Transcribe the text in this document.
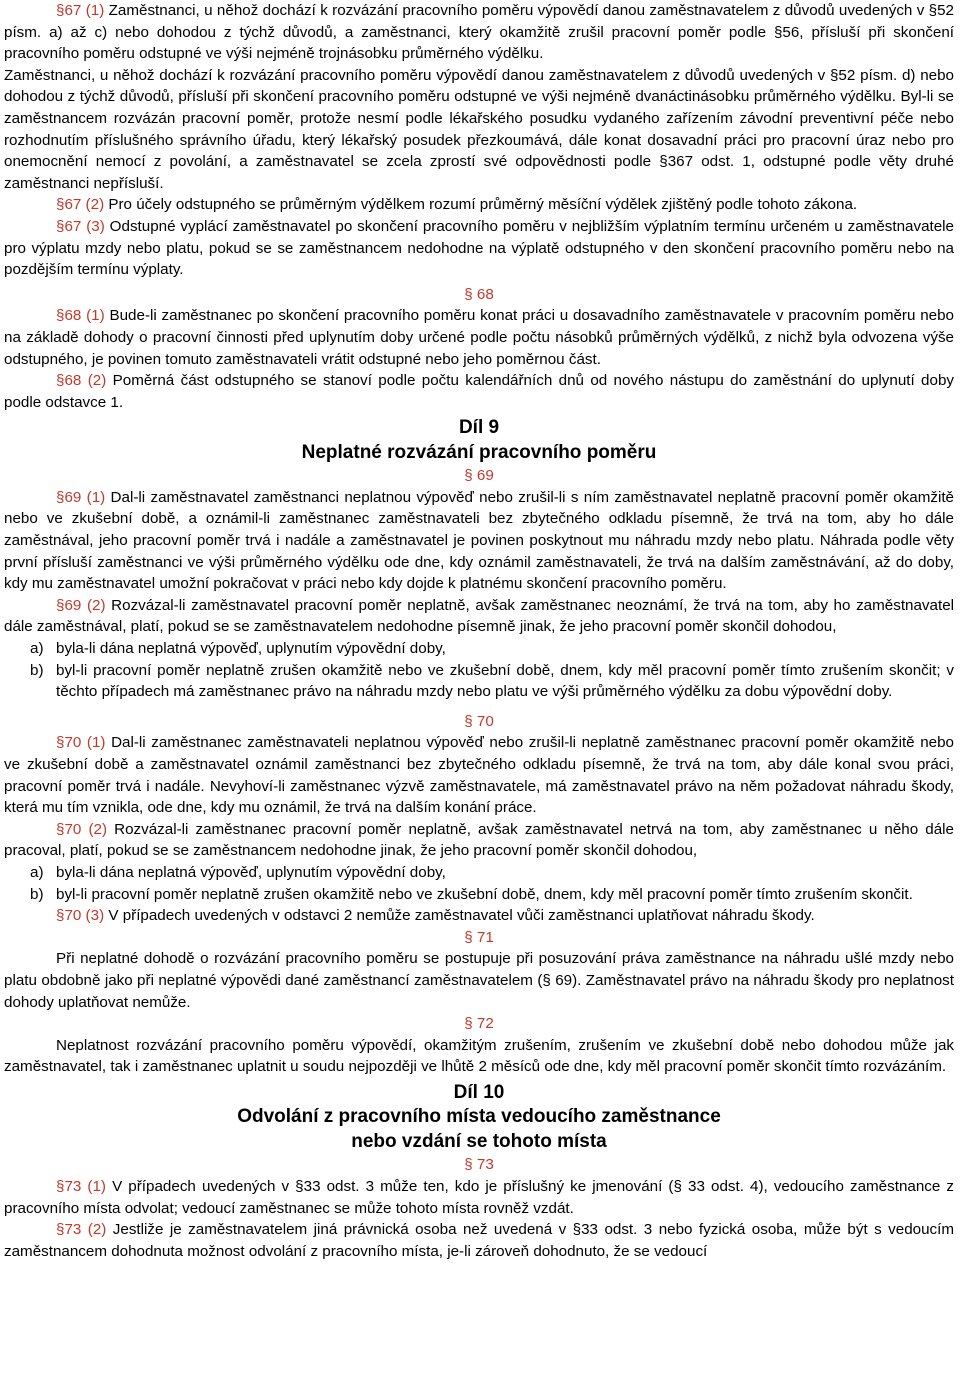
§67 (1) Zaměstnanci, u něhož dochází k rozvázání pracovního poměru výpovědí danou zaměstnavatelem z důvodů uvedených v §52 písm. a) až c) nebo dohodou z týchž důvodů, a zaměstnanci, který okamžitě zrušil pracovní poměr podle §56, přísluší při skončení pracovního poměru odstupné ve výši nejméně trojnásobku průměrného výdělku.

Zaměstnanci, u něhož dochází k rozvázání pracovního poměru výpovědí danou zaměstnavatelem z důvodů uvedených v §52 písm. d) nebo dohodou z týchž důvodů, přísluší při skončení pracovního poměru odstupné ve výši nejméně dvanáctinásobku průměrného výdělku. Byl-li se zaměstnancem rozvázán pracovní poměr, protože nesmí podle lékařského posudku vydaného zařízením závodní preventivní péče nebo rozhodnutím příslušného správního úřadu, který lékařský posudek přezkoumává, dále konat dosavadní práci pro pracovní úraz nebo pro onemocnění nemocí z povolání, a zaměstnavatel se zcela zprostí své odpovědnosti podle §367 odst. 1, odstupné podle věty druhé zaměstnanci nepřísluší.

§67 (2) Pro účely odstupného se průměrným výdělkem rozumí průměrný měsíční výdělek zjištěný podle tohoto zákona.

§67 (3) Odstupné vyplácí zaměstnavatel po skončení pracovního poměru v nejbližším výplatním termínu určeném u zaměstnavatele pro výplatu mzdy nebo platu, pokud se se zaměstnancem nedohodne na výplatě odstupného v den skončení pracovního poměru nebo na pozdějším termínu výplaty.

§ 68

§68 (1) Bude-li zaměstnanec po skončení pracovního poměru konat práci u dosavadního zaměstnavatele v pracovním poměru nebo na základě dohody o pracovní činnosti před uplynutím doby určené podle počtu násobků průměrných výdělků, z nichž byla odvozena výše odstupného, je povinen tomuto zaměstnavateli vrátit odstupné nebo jeho poměrnou část.

§68 (2) Poměrná část odstupného se stanoví podle počtu kalendářních dnů od nového nástupu do zaměstnání do uplynutí doby podle odstavce 1.

Díl 9
Neplatné rozvázání pracovního poměru
§ 69

§69 (1) Dal-li zaměstnavatel zaměstnanci neplatnou výpověď nebo zrušil-li s ním zaměstnavatel neplatně pracovní poměr okamžitě nebo ve zkušební době, a oznámil-li zaměstnanec zaměstnavateli bez zbytečného odkladu písemně, že trvá na tom, aby ho dále zaměstnával, jeho pracovní poměr trvá i nadále a zaměstnavatel je povinen poskytnout mu náhradu mzdy nebo platu. Náhrada podle věty první přísluší zaměstnanci ve výši průměrného výdělku ode dne, kdy oznámil zaměstnavateli, že trvá na dalším zaměstnávání, až do doby, kdy mu zaměstnavatel umožní pokračovat v práci nebo kdy dojde k platnému skončení pracovního poměru.

§69 (2) Rozvázal-li zaměstnavatel pracovní poměr neplatně, avšak zaměstnanec neoznámí, že trvá na tom, aby ho zaměstnavatel dále zaměstnával, platí, pokud se se zaměstnavatelem nedohodne písemně jinak, že jeho pracovní poměr skončil dohodou,

a) byla-li dána neplatná výpověď, uplynutím výpovědní doby,
b) byl-li pracovní poměr neplatně zrušen okamžitě nebo ve zkušební době, dnem, kdy měl pracovní poměr tímto zrušením skončit; v těchto případech má zaměstnanec právo na náhradu mzdy nebo platu ve výši průměrného výdělku za dobu výpovědní doby.
§ 70

§70 (1) Dal-li zaměstnanec zaměstnavateli neplatnou výpověď nebo zrušil-li neplatně zaměstnanec pracovní poměr okamžitě nebo ve zkušební době a zaměstnavatel oznámil zaměstnanci bez zbytečného odkladu písemně, že trvá na tom, aby dále konal svou práci, pracovní poměr trvá i nadále. Nevyhoví-li zaměstnanec výzvě zaměstnavatele, má zaměstnavatel právo na něm požadovat náhradu škody, která mu tím vznikla, ode dne, kdy mu oznámil, že trvá na dalším konání práce.

§70 (2) Rozvázal-li zaměstnanec pracovní poměr neplatně, avšak zaměstnavatel netrvá na tom, aby zaměstnanec u něho dále pracoval, platí, pokud se se zaměstnancem nedohodne jinak, že jeho pracovní poměr skončil dohodou,

a) byla-li dána neplatná výpověď, uplynutím výpovědní doby,
b) byl-li pracovní poměr neplatně zrušen okamžitě nebo ve zkušební době, dnem, kdy měl pracovní poměr tímto zrušením skončit.

§70 (3) V případech uvedených v odstavci 2 nemůže zaměstnavatel vůči zaměstnanci uplatňovat náhradu škody.

§ 71

Při neplatné dohodě o rozvázání pracovního poměru se postupuje při posuzování práva zaměstnance na náhradu ušlé mzdy nebo platu obdobně jako při neplatné výpovědi dané zaměstnancí zaměstnavatelem (§ 69). Zaměstnavatel právo na náhradu škody pro neplatnost dohody uplatňovat nemůže.

§ 72

Neplatnost rozvázání pracovního poměru výpovědí, okamžitým zrušením, zrušením ve zkušební době nebo dohodou může jak zaměstnavatel, tak i zaměstnanec uplatnit u soudu nejpozději ve lhůtě 2 měsíců ode dne, kdy měl pracovní poměr skončit tímto rozvázáním.

Díl 10
Odvolání z pracovního místa vedoucího zaměstnance
nebo vzdání se tohoto místa
§ 73

§73 (1) V případech uvedených v §33 odst. 3 může ten, kdo je příslušný ke jmenování (§ 33 odst. 4), vedoucího zaměstnance z pracovního místa odvolat; vedoucí zaměstnanec se může tohoto místa rovněž vzdát.

§73 (2) Jestliže je zaměstnavatelem jiná právnická osoba než uvedená v §33 odst. 3 nebo fyzická osoba, může být s vedoucím zaměstnancem dohodnuta možnost odvolání z pracovního místa, je-li zároveň dohodnuto, že se vedoucí
